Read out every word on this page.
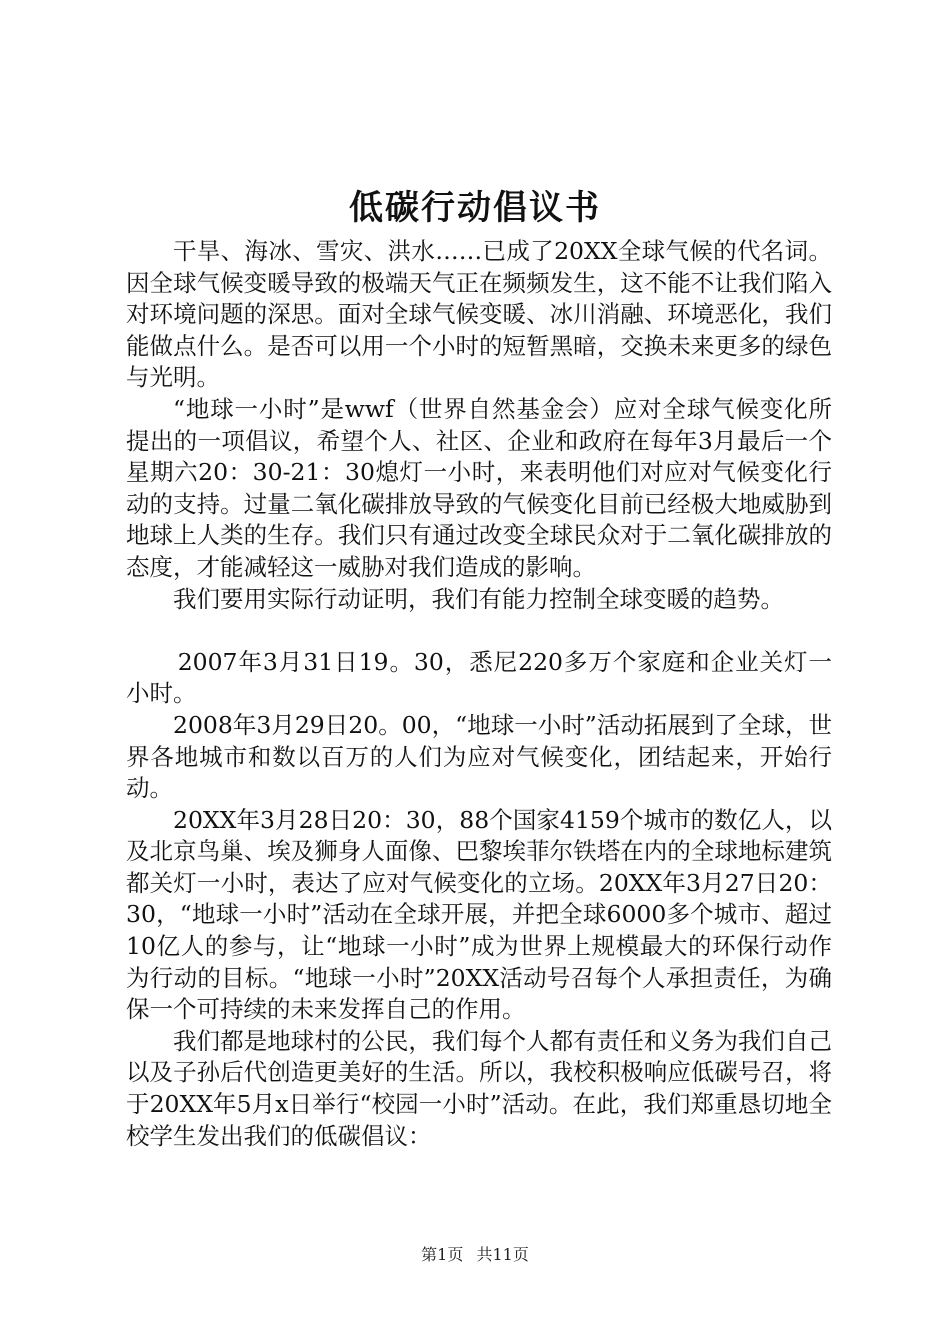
低碳行动倡议书

干旱、海冰、雪灾、洪水……已成了20XX全球气候的代名词。因全球气候变暖导致的极端天气正在频频发生，这不能不让我们陷入对环境问题的深思。面对全球气候变暖、冰川消融、环境恶化，我们能做点什么。是否可以用一个小时的短暂黑暗，交换未来更多的绿色与光明。

“地球一小时”是wwf（世界自然基金会）应对全球气候变化所提出的一项倡议，希望个人、社区、企业和政府在每年3月最后一个星期六20：30-21：30熄灯一小时，来表明他们对应对气候变化行动的支持。过量二氧化碳排放导致的气候变化目前已经极大地威胁到地球上人类的生存。我们只有通过改变全球民众对于二氧化碳排放的态度，才能减轻这一威胁对我们造成的影响。

我们要用实际行动证明，我们有能力控制全球变暖的趋势。

2007年3月31日19。30，悉尼220多万个家庭和企业关灯一小时。

2008年3月29日20。00，“地球一小时”活动拓展到了全球，世界各地城市和数以百万的人们为应对气候变化，团结起来，开始行动。

20XX年3月28日20：30，88个国家4159个城市的数亿人，以及北京鸟巢、埃及狮身人面像、巴黎埃菲尔铁塔在内的全球地标建筑都关灯一小时，表达了应对气候变化的立场。20XX年3月27日20：30，“地球一小时”活动在全球开展，并把全球6000多个城市、超过10亿人的参与，让“地球一小时”成为世界上规模最大的环保行动作为行动的目标。“地球一小时”20XX活动号召每个人承担责任，为确保一个可持续的未来发挥自己的作用。

我们都是地球村的公民，我们每个人都有责任和义务为我们自己以及子孙后代创造更美好的生活。所以，我校积极响应低碳号召，将于20XX年5月x日举行“校园一小时”活动。在此，我们郑重恳切地全校学生发出我们的低碳倡议：

第1页 共11页
